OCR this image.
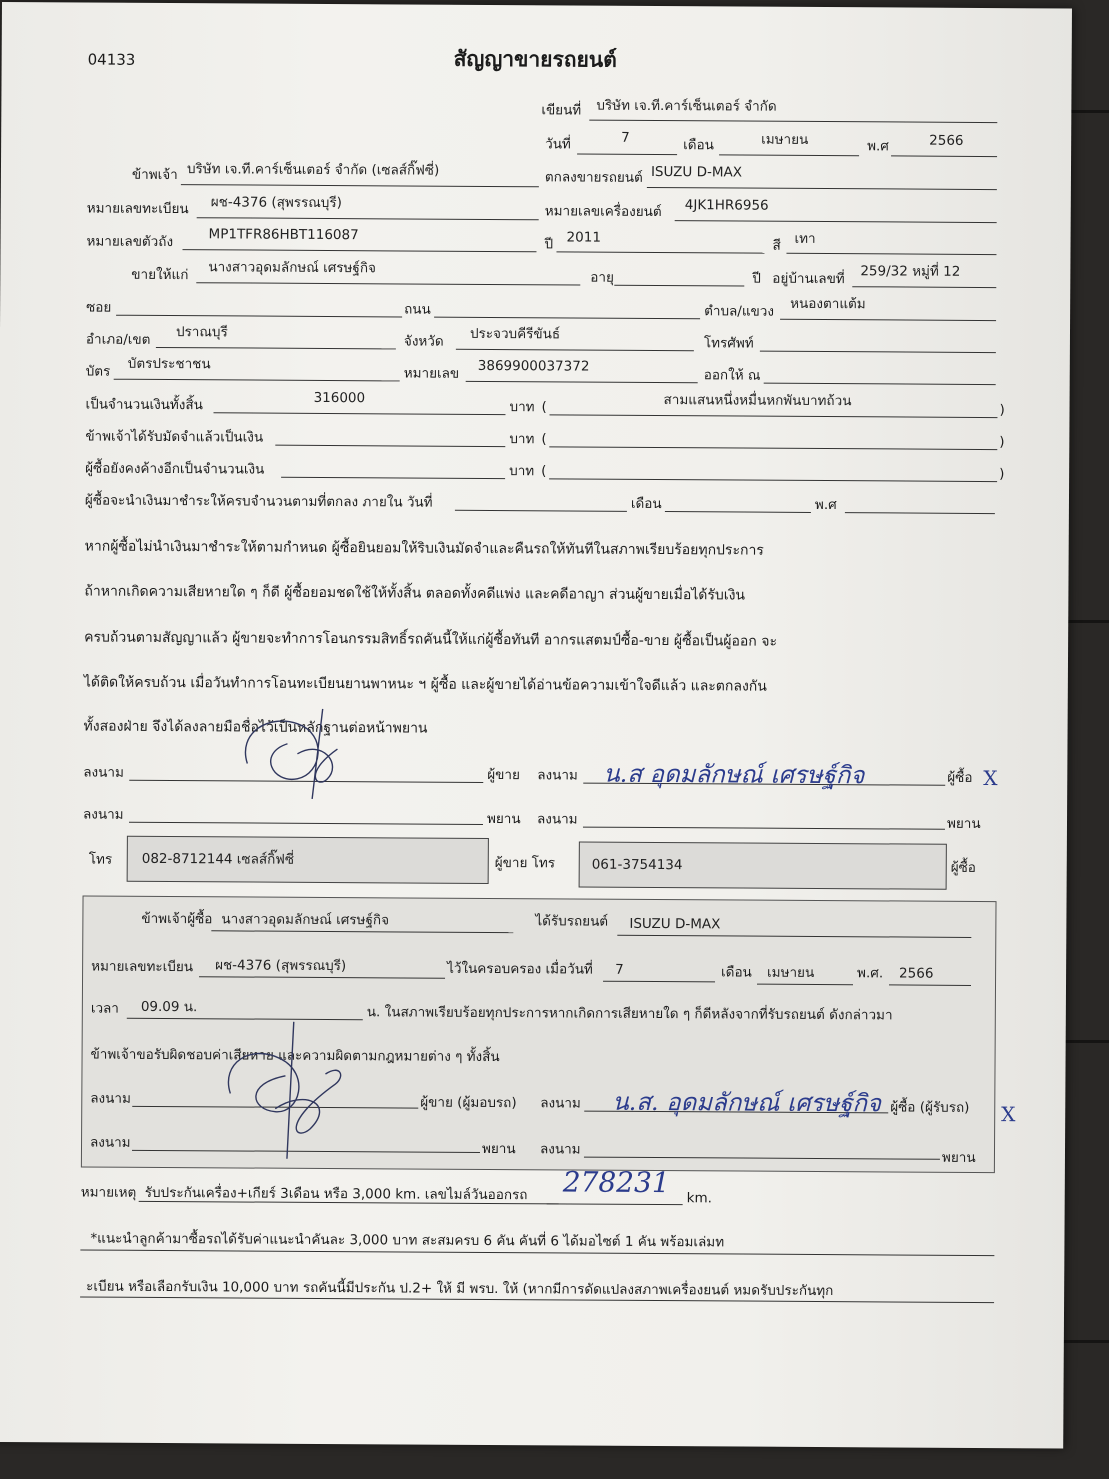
04133	สัญญาขายรถยนต์
เขียนที่ บริษัท เจ.ที.คาร์เซ็นเตอร์ จำกัด
วันที่	7	เดือน	เมษายน	พ.ศ	2566
ข้าพเจ้า บริษัท เจ.ที.คาร์เซ็นเตอร์ จำกัด (เซลส์กิ๊ฟซี่)	ตกลงขายรถยนต์ ISUZU D-MAX
หมายเลขทะเบียน ผช-4376 (สุพรรณบุรี)
หมายเลขเครื่องยนต์ 4JK1HR6956
หมายเลขตัวถัง	MP1TFR86HBT116087
ปี 2011
สี เทา
ขายให้แก่ นางสาวอุดมลักษณ์ เศรษฐ์กิจ
อายุ	ปี อยู่บ้านเลขที่ 259/32 หมู่ที่ 12
ซอย	ถนน	ตำบล/แขวง หนองตาแต้ม
อำเภอ/เขต ปราณบุรี
จังหวัด ประจวบคีรีขันธ์
โทรศัพท์
บัตร บัตรประชาชน
หมายเลข 3869900037372
ออกให้ ณ
เป็นจำนวนเงินทั้งสิ้น	316000
บาท (	สามแสนหนึ่งหมื่นหกพันบาทถ้วน
)
ข้าพเจ้าได้รับมัดจำแล้วเป็นเงิน	บาท (	)
ผู้ซื้อยังคงค้างอีกเป็นจำนวนเงิน	บาท (	)
ผู้ซื้อจะนำเงินมาชำระให้ครบจำนวนตามที่ตกลง ภายใน วันที่	เดือน	พ.ศ
หากผู้ซื้อไม่นำเงินมาชำระให้ตามกำหนด ผู้ซื้อยินยอมให้ริบเงินมัดจำและคืนรถให้ทันทีในสภาพเรียบร้อยทุกประการ
ถ้าหากเกิดความเสียหายใด ๆ ก็ดี ผู้ซื้อยอมชดใช้ให้ทั้งสิ้น ตลอดทั้งคดีแพ่ง และคดีอาญา ส่วนผู้ขายเมื่อได้รับเงิน
ครบถ้วนตามสัญญาแล้ว ผู้ขายจะทำการโอนกรรมสิทธิ์รถคันนี้ให้แก่ผู้ซื้อทันที อากรแสตมป์ซื้อ-ขาย ผู้ซื้อเป็นผู้ออก จะ
ได้ติดให้ครบถ้วน เมื่อวันทำการโอนทะเบียนยานพาหนะ ฯ ผู้ซื้อ และผู้ขายได้อ่านข้อความเข้าใจดีแล้ว และตกลงกัน
ทั้งสองฝ่าย จึงได้ลงลายมือชื่อไว้เป็นหลักฐานต่อหน้าพยาน
ลงนาม	ผู้ขาย ลงนาม น.ส อุดมลักษณ์ เศรษฐ์กิจ	ผู้ซื้อ X
ลงนาม	พยาน ลงนาม	พยาน
โทร 082-8712144 เซลส์กิ๊ฟซี่	ผู้ขาย โทร	061-3754134	ผู้ซื้อ
ข้าพเจ้าผู้ซื้อ นางสาวอุดมลักษณ์ เศรษฐ์กิจ	ได้รับรถยนต์ ISUZU D-MAX
หมายเลขทะเบียน ผช-4376 (สุพรรณบุรี)	ไว้ในครอบครอง เมื่อวันที่ 7	เดือน เมษายน	พ.ศ. 2566
เวลา 09.09 น.	น. ในสภาพเรียบร้อยทุกประการหากเกิดการเสียหายใด ๆ ก็ดีหลังจากที่รับรถยนต์ ดังกล่าวมา
ข้าพเจ้าขอรับผิดชอบค่าเสียหาย และความผิดตามกฎหมายต่าง ๆ ทั้งสิ้น
ลงนาม	ผู้ขาย (ผู้มอบรถ) ลงนาม น.ส. อุดมลักษณ์ เศรษฐ์กิจ ผู้ซื้อ (ผู้รับรถ)
ลงนาม	พยาน ลงนาม
พยาน
X
หมายเหตุ รับประกันเครื่อง+เกียร์ 3เดือน หรือ 3,000 km. เลขไมล์วันออกรถ 278231 km.
*แนะนำลูกค้ามาซื้อรถได้รับค่าแนะนำคันละ 3,000 บาท สะสมครบ 6 คัน คันที่ 6 ได้มอไซต์ 1 คัน พร้อมเล่มท
ะเบียน หรือเลือกรับเงิน 10,000 บาท รถคันนี้มีประกัน ป.2+ ให้ มี พรบ. ให้ (หากมีการดัดแปลงสภาพเครื่องยนต์ หมดรับประกันทุก
